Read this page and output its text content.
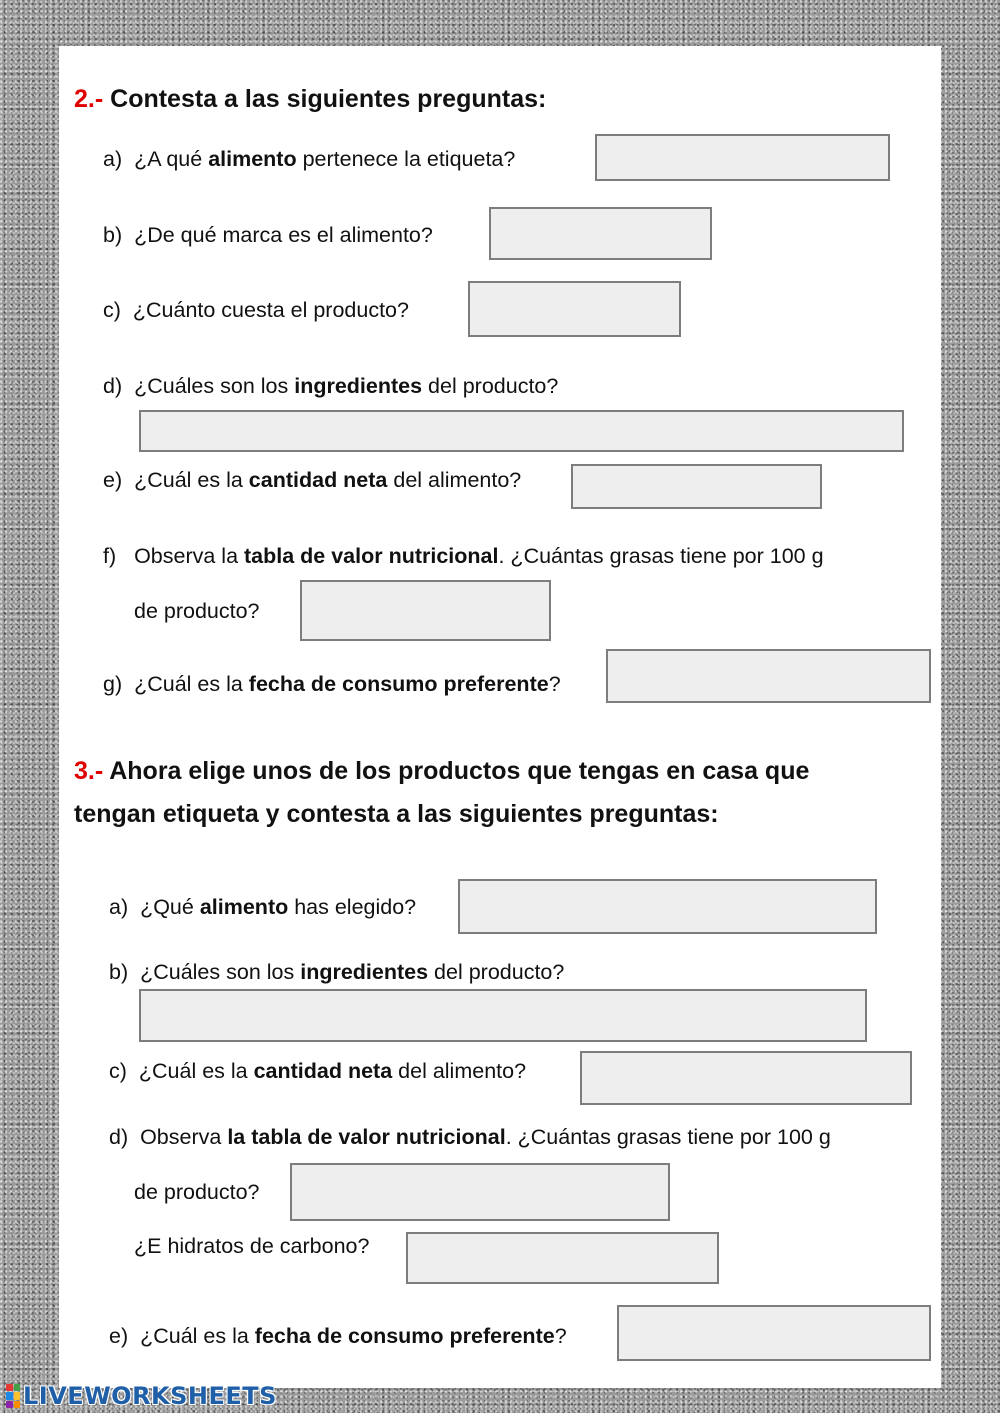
2.- Contesta a las siguientes preguntas:
a) ¿A qué alimento pertenece la etiqueta?
b) ¿De qué marca es el alimento?
c) ¿Cuánto cuesta el producto?
d) ¿Cuáles son los ingredientes del producto?
e) ¿Cuál es la cantidad neta del alimento?
f) Observa la tabla de valor nutricional. ¿Cuántas grasas tiene por 100 g
de producto?
g) ¿Cuál es la fecha de consumo preferente?
3.- Ahora elige unos de los productos que tengas en casa que
tengan etiqueta y contesta a las siguientes preguntas:
a) ¿Qué alimento has elegido?
b) ¿Cuáles son los ingredientes del producto?
c) ¿Cuál es la cantidad neta del alimento?
d) Observa la tabla de valor nutricional. ¿Cuántas grasas tiene por 100 g
de producto?
¿E hidratos de carbono?
e) ¿Cuál es la fecha de consumo preferente?
LIVEWORKSHEETS
